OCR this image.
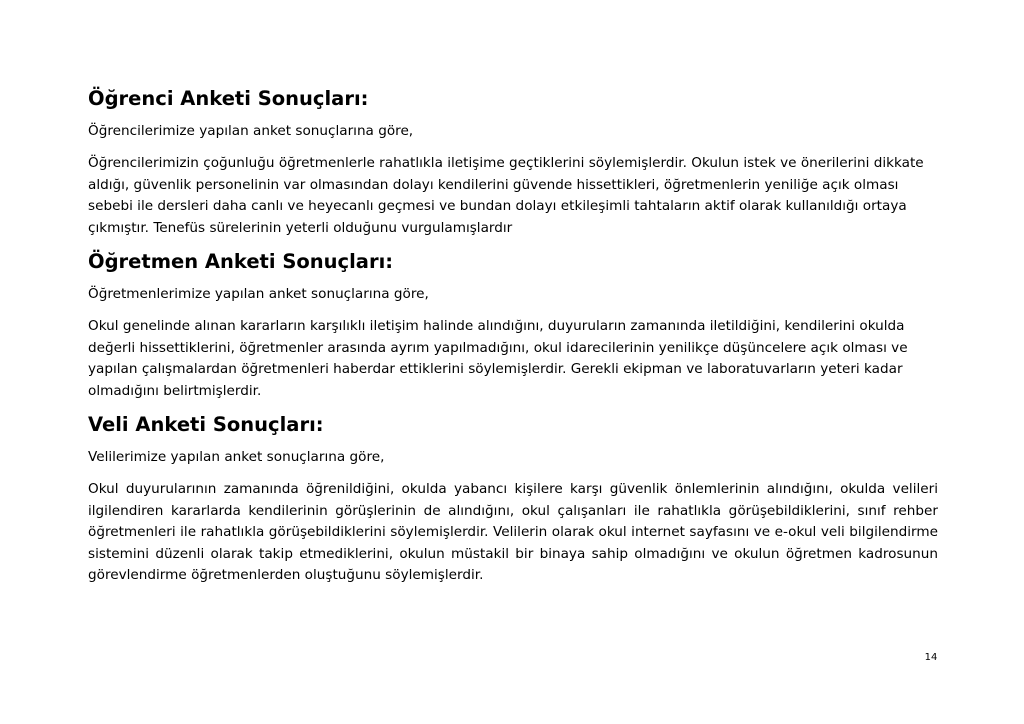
Öğrenci Anketi Sonuçları:

Öğrencilerimize yapılan anket sonuçlarına göre,

Öğrencilerimizin çoğunluğu öğretmenlerle rahatlıkla iletişime geçtiklerini söylemişlerdir. Okulun istek ve önerilerini dikkate aldığı, güvenlik personelinin var olmasından dolayı kendilerini güvende hissettikleri, öğretmenlerin yeniliğe açık olması sebebi ile dersleri daha canlı ve heyecanlı geçmesi ve bundan dolayı etkileşimli tahtaların aktif olarak kullanıldığı ortaya çıkmıştır. Tenefüs sürelerinin yeterli olduğunu vurgulamışlardır

Öğretmen Anketi Sonuçları:

Öğretmenlerimize yapılan anket sonuçlarına göre,

Okul genelinde alınan kararların karşılıklı iletişim halinde alındığını, duyuruların zamanında iletildiğini, kendilerini okulda değerli hissettiklerini, öğretmenler arasında ayrım yapılmadığını, okul idarecilerinin yenilikçe düşüncelere açık olması ve yapılan çalışmalardan öğretmenleri haberdar ettiklerini söylemişlerdir. Gerekli ekipman ve laboratuvarların yeteri kadar olmadığını belirtmişlerdir.

Veli Anketi Sonuçları:

Velilerimize yapılan anket sonuçlarına göre,

Okul duyurularının zamanında öğrenildiğini, okulda yabancı kişilere karşı güvenlik önlemlerinin alındığını, okulda velileri ilgilendiren kararlarda kendilerinin görüşlerinin de alındığını, okul çalışanları ile rahatlıkla görüşebildiklerini, sınıf rehber öğretmenleri ile rahatlıkla görüşebildiklerini söylemişlerdir. Velilerin olarak okul internet sayfasını ve e-okul veli bilgilendirme sistemini düzenli olarak takip etmediklerini, okulun müstakil bir binaya sahip olmadığını ve okulun öğretmen kadrosunun görevlendirme öğretmenlerden oluştuğunu söylemişlerdir.

14
